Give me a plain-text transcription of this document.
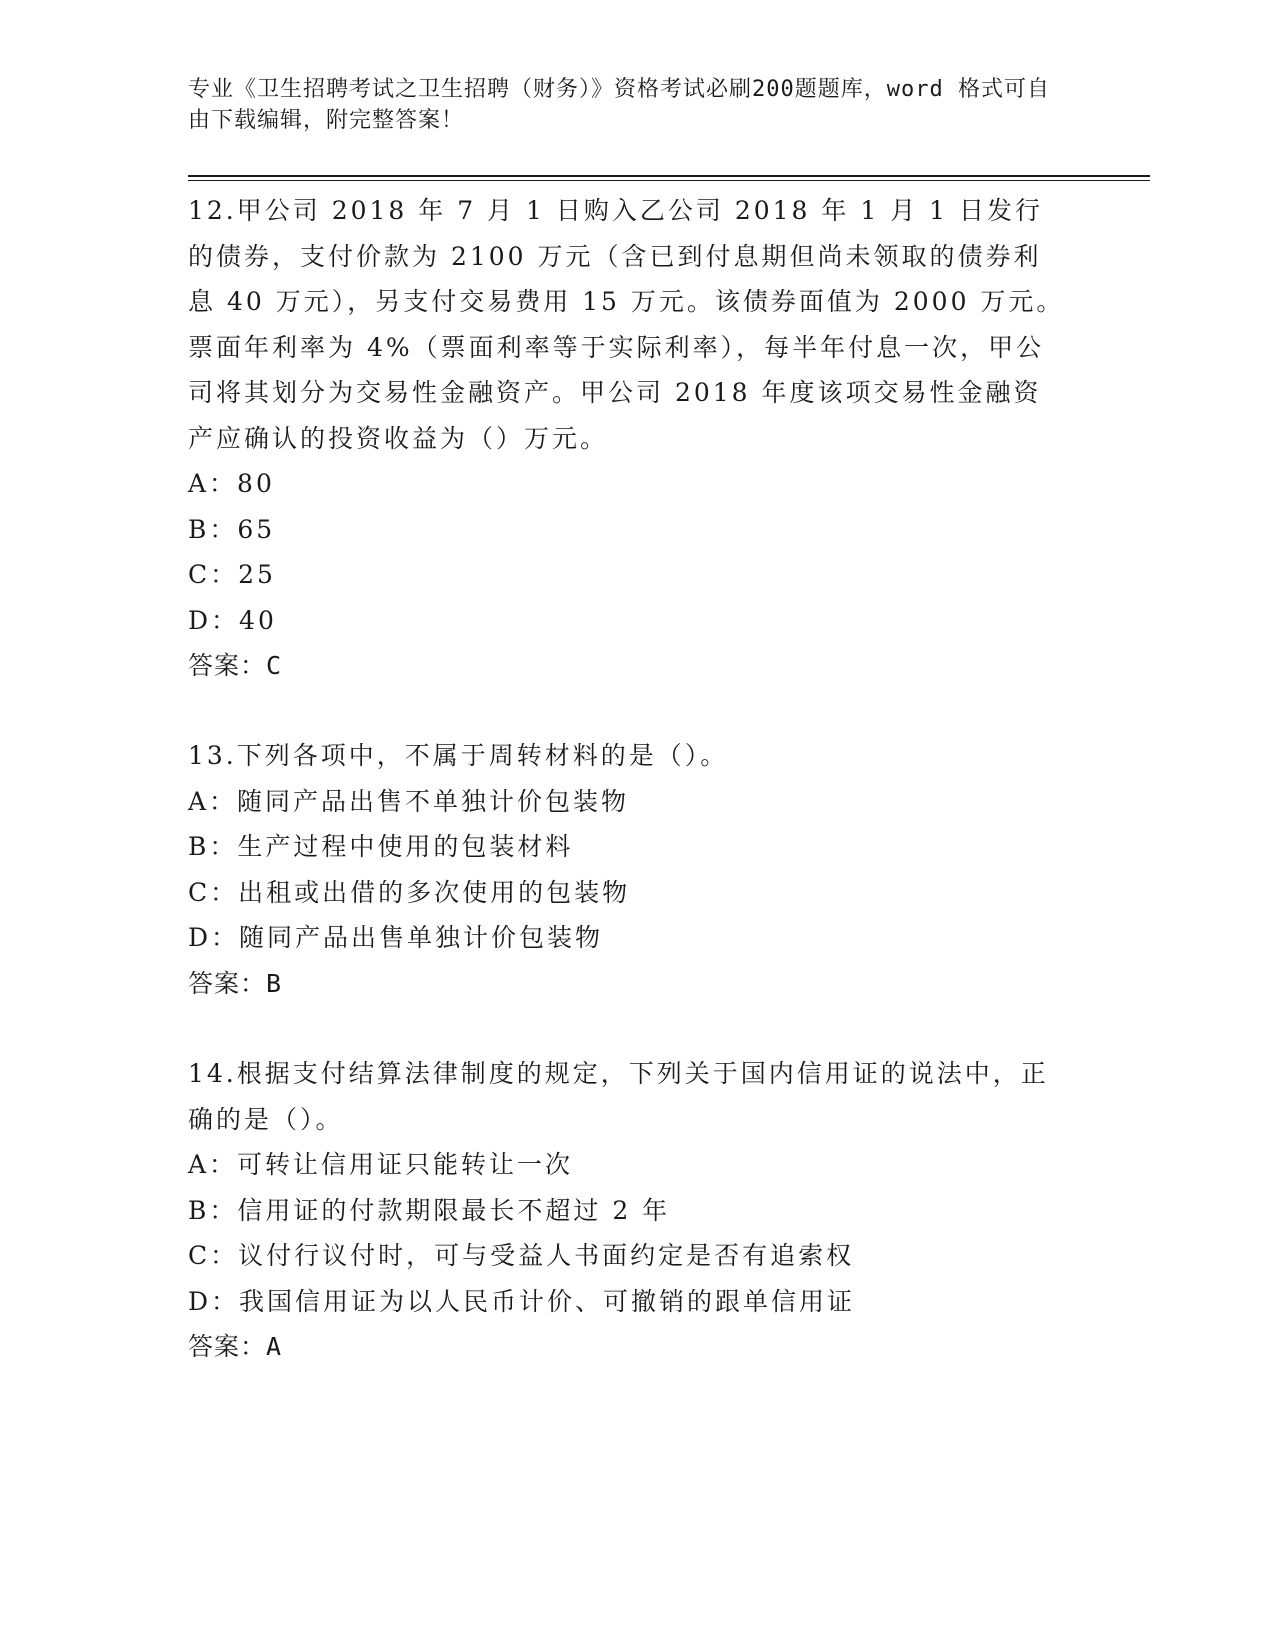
专业《卫生招聘考试之卫生招聘（财务）》资格考试必刷200题题库，word 格式可自由下载编辑，附完整答案！
12.甲公司 2018 年 7 月 1 日购入乙公司 2018 年 1 月 1 日发行的债券，支付价款为 2100 万元（含已到付息期但尚未领取的债券利息 40 万元），另支付交易费用 15 万元。该债券面值为 2000 万元。票面年利率为 4%（票面利率等于实际利率），每半年付息一次，甲公司将其划分为交易性金融资产。甲公司 2018 年度该项交易性金融资产应确认的投资收益为（）万元。
A：80
B：65
C：25
D：40
答案：C
13.下列各项中，不属于周转材料的是（）。
A：随同产品出售不单独计价包装物
B：生产过程中使用的包装材料
C：出租或出借的多次使用的包装物
D：随同产品出售单独计价包装物
答案：B
14.根据支付结算法律制度的规定，下列关于国内信用证的说法中，正确的是（）。
A：可转让信用证只能转让一次
B：信用证的付款期限最长不超过 2 年
C：议付行议付时，可与受益人书面约定是否有追索权
D：我国信用证为以人民币计价、可撤销的跟单信用证
答案：A
